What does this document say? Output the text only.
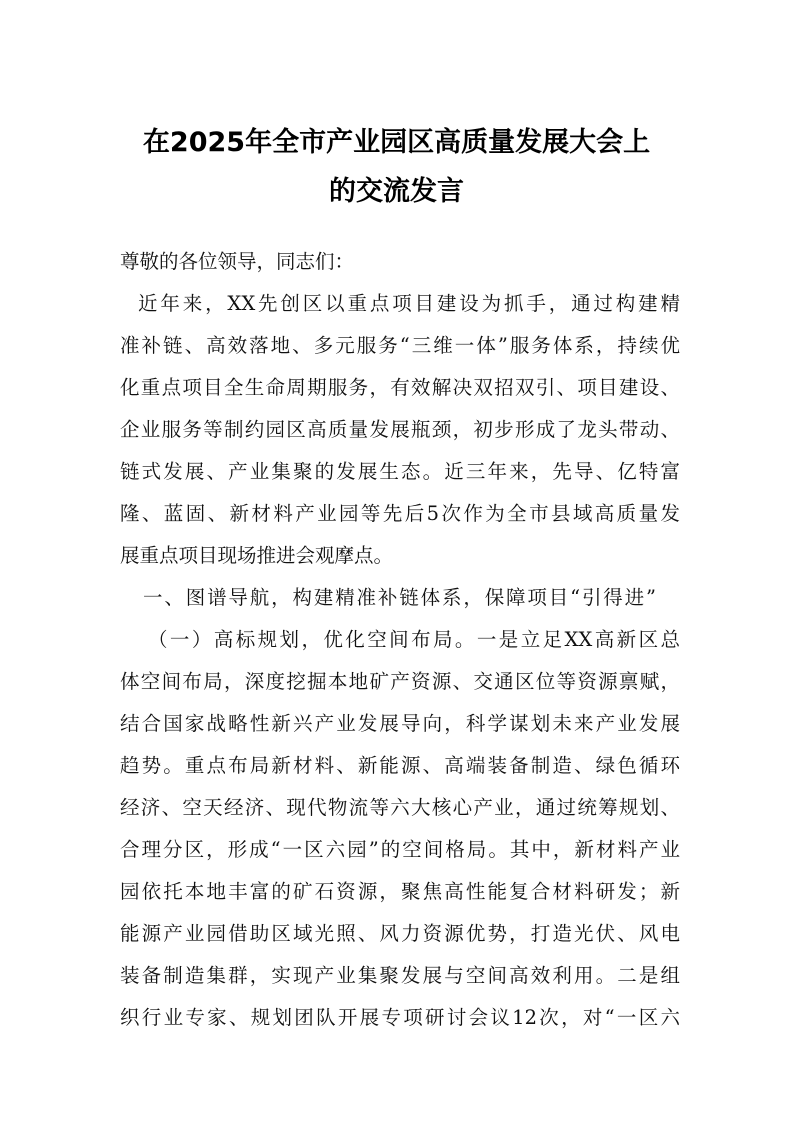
在2025年全市产业园区高质量发展大会上
的交流发言

尊敬的各位领导，同志们：

近年来，XX先创区以重点项目建设为抓手，通过构建精

准补链、高效落地、多元服务“三维一体”服务体系，持续优

化重点项目全生命周期服务，有效解决双招双引、项目建设、

企业服务等制约园区高质量发展瓶颈，初步形成了龙头带动、

链式发展、产业集聚的发展生态。近三年来，先导、亿特富

隆、蓝固、新材料产业园等先后5次作为全市县域高质量发

展重点项目现场推进会观摩点。

一、图谱导航，构建精准补链体系，保障项目“引得进”

（一）高标规划，优化空间布局。一是立足XX高新区总

体空间布局，深度挖掘本地矿产资源、交通区位等资源禀赋，

结合国家战略性新兴产业发展导向，科学谋划未来产业发展

趋势。重点布局新材料、新能源、高端装备制造、绿色循环

经济、空天经济、现代物流等六大核心产业，通过统筹规划、

合理分区，形成“一区六园”的空间格局。其中，新材料产业

园依托本地丰富的矿石资源，聚焦高性能复合材料研发；新

能源产业园借助区域光照、风力资源优势，打造光伏、风电

装备制造集群，实现产业集聚发展与空间高效利用。二是组

织行业专家、规划团队开展专项研讨会议12次，对“一区六
